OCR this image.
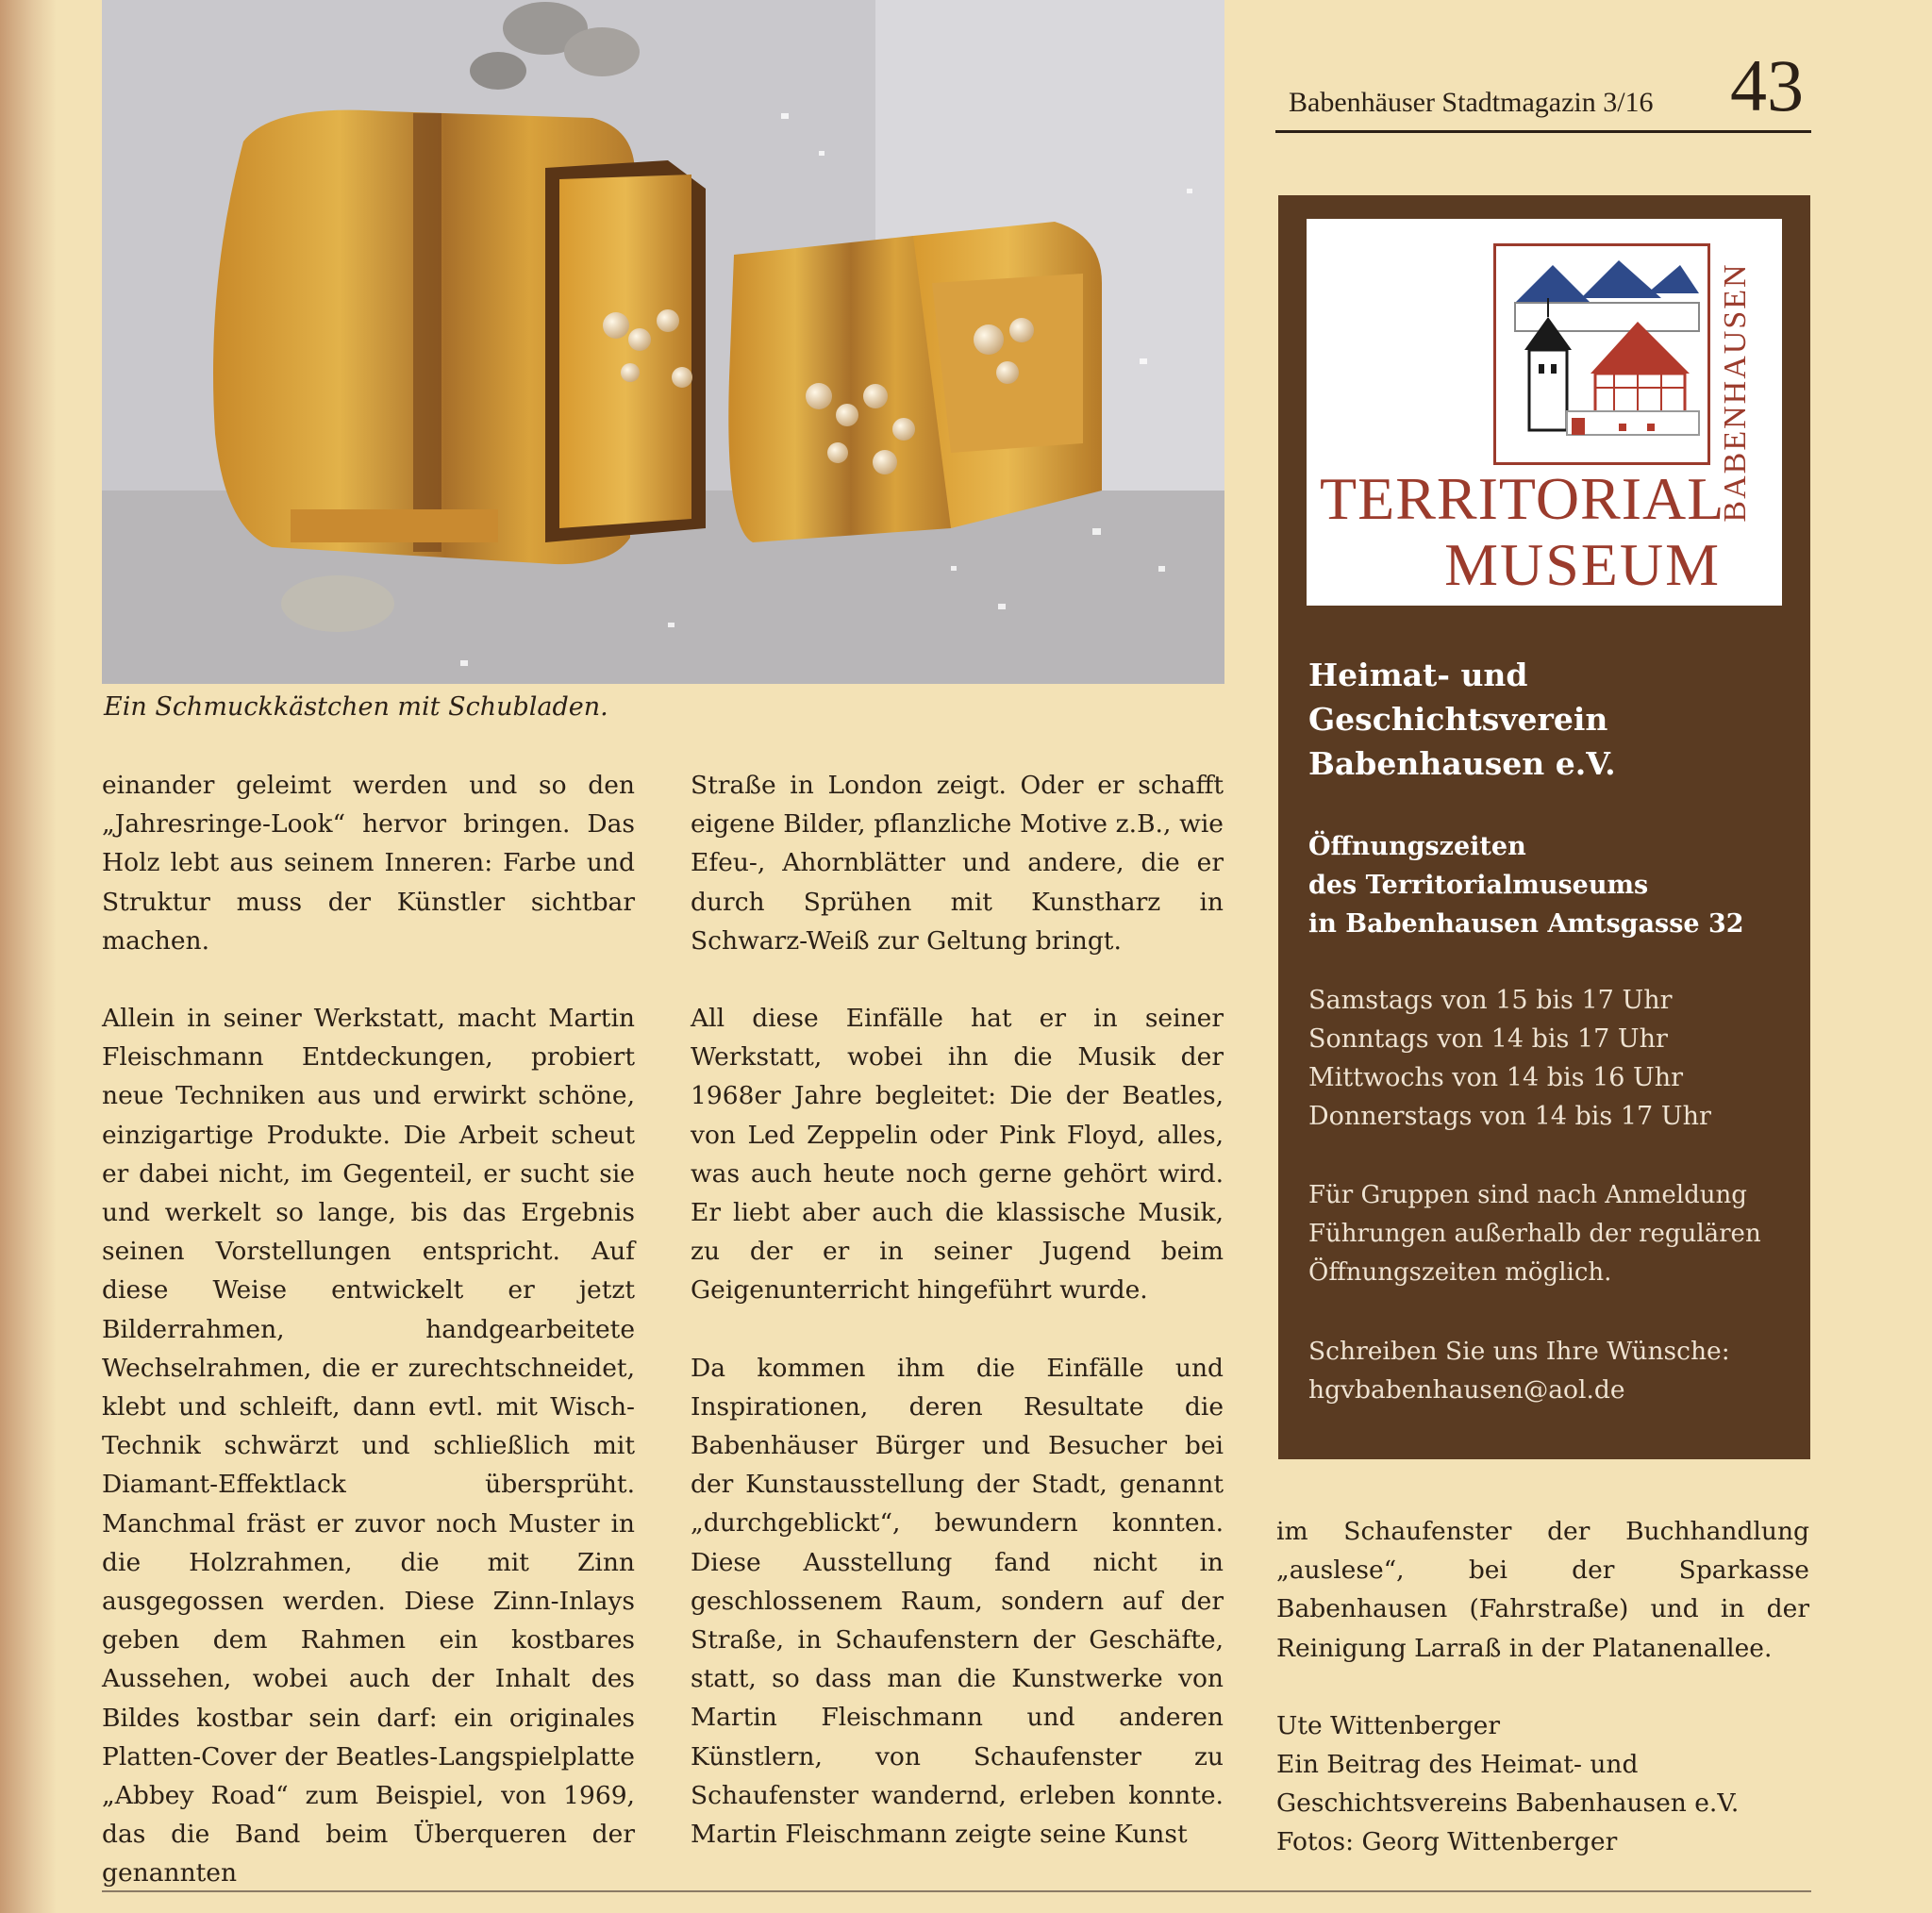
Ein Schmuckkästchen mit Schubladen.

Babenhäuser Stadtmagazin 3/16 43

einander geleimt werden und so den „Jahresringe-Look“ hervor bringen. Das Holz lebt aus seinem Inneren: Farbe und Struktur muss der Künstler sichtbar machen.

Allein in seiner Werkstatt, macht Martin Fleischmann Entdeckungen, probiert neue Techniken aus und erwirkt schöne, einzigartige Produkte. Die Arbeit scheut er dabei nicht, im Gegenteil, er sucht sie und werkelt so lange, bis das Ergebnis seinen Vorstellungen entspricht. Auf diese Weise entwickelt er jetzt Bilderrahmen, handgearbeitete Wechselrahmen, die er zurechtschneidet, klebt und schleift, dann evtl. mit Wisch-Technik schwärzt und schließlich mit Diamant-Effektlack übersprüht. Manchmal fräst er zuvor noch Muster in die Holzrahmen, die mit Zinn ausgegossen werden. Diese Zinn-Inlays geben dem Rahmen ein kostbares Aussehen, wobei auch der Inhalt des Bildes kostbar sein darf: ein originales Platten-Cover der Beatles-Langspielplatte „Abbey Road“ zum Beispiel, von 1969, das die Band beim Überqueren der genannten

Straße in London zeigt. Oder er schafft eigene Bilder, pflanzliche Motive z.B., wie Efeu-, Ahornblätter und andere, die er durch Sprühen mit Kunstharz in Schwarz-Weiß zur Geltung bringt.

All diese Einfälle hat er in seiner Werkstatt, wobei ihn die Musik der 1968er Jahre begleitet: Die der Beatles, von Led Zeppelin oder Pink Floyd, alles, was auch heute noch gerne gehört wird. Er liebt aber auch die klassische Musik, zu der er in seiner Jugend beim Geigenunterricht hingeführt wurde.

Da kommen ihm die Einfälle und Inspirationen, deren Resultate die Babenhäuser Bürger und Besucher bei der Kunstausstellung der Stadt, genannt „durchgeblickt“, bewundern konnten. Diese Ausstellung fand nicht in geschlossenem Raum, sondern auf der Straße, in Schaufenstern der Geschäfte, statt, so dass man die Kunstwerke von Martin Fleischmann und anderen Künstlern, von Schaufenster zu Schaufenster wandernd, erleben konnte. Martin Fleischmann zeigte seine Kunst

im Schaufenster der Buchhandlung „auslese“, bei der Sparkasse Babenhausen (Fahrstraße) und in der Reinigung Larraß in der Platanenallee.

Ute Wittenberger
Ein Beitrag des Heimat- und
Geschichtsvereins Babenhausen e.V.
Fotos: Georg Wittenberger

BABENHAUSEN
TERRITORIAL
MUSEUM

Heimat- und
Geschichtsverein
Babenhausen e.V.

Öffnungszeiten
des Territorialmuseums
in Babenhausen Amtsgasse 32

Samstags von 15 bis 17 Uhr
Sonntags von 14 bis 17 Uhr
Mittwochs von 14 bis 16 Uhr
Donnerstags von 14 bis 17 Uhr

Für Gruppen sind nach Anmeldung
Führungen außerhalb der regulären
Öffnungszeiten möglich.

Schreiben Sie uns Ihre Wünsche:
hgvbabenhausen@aol.de
